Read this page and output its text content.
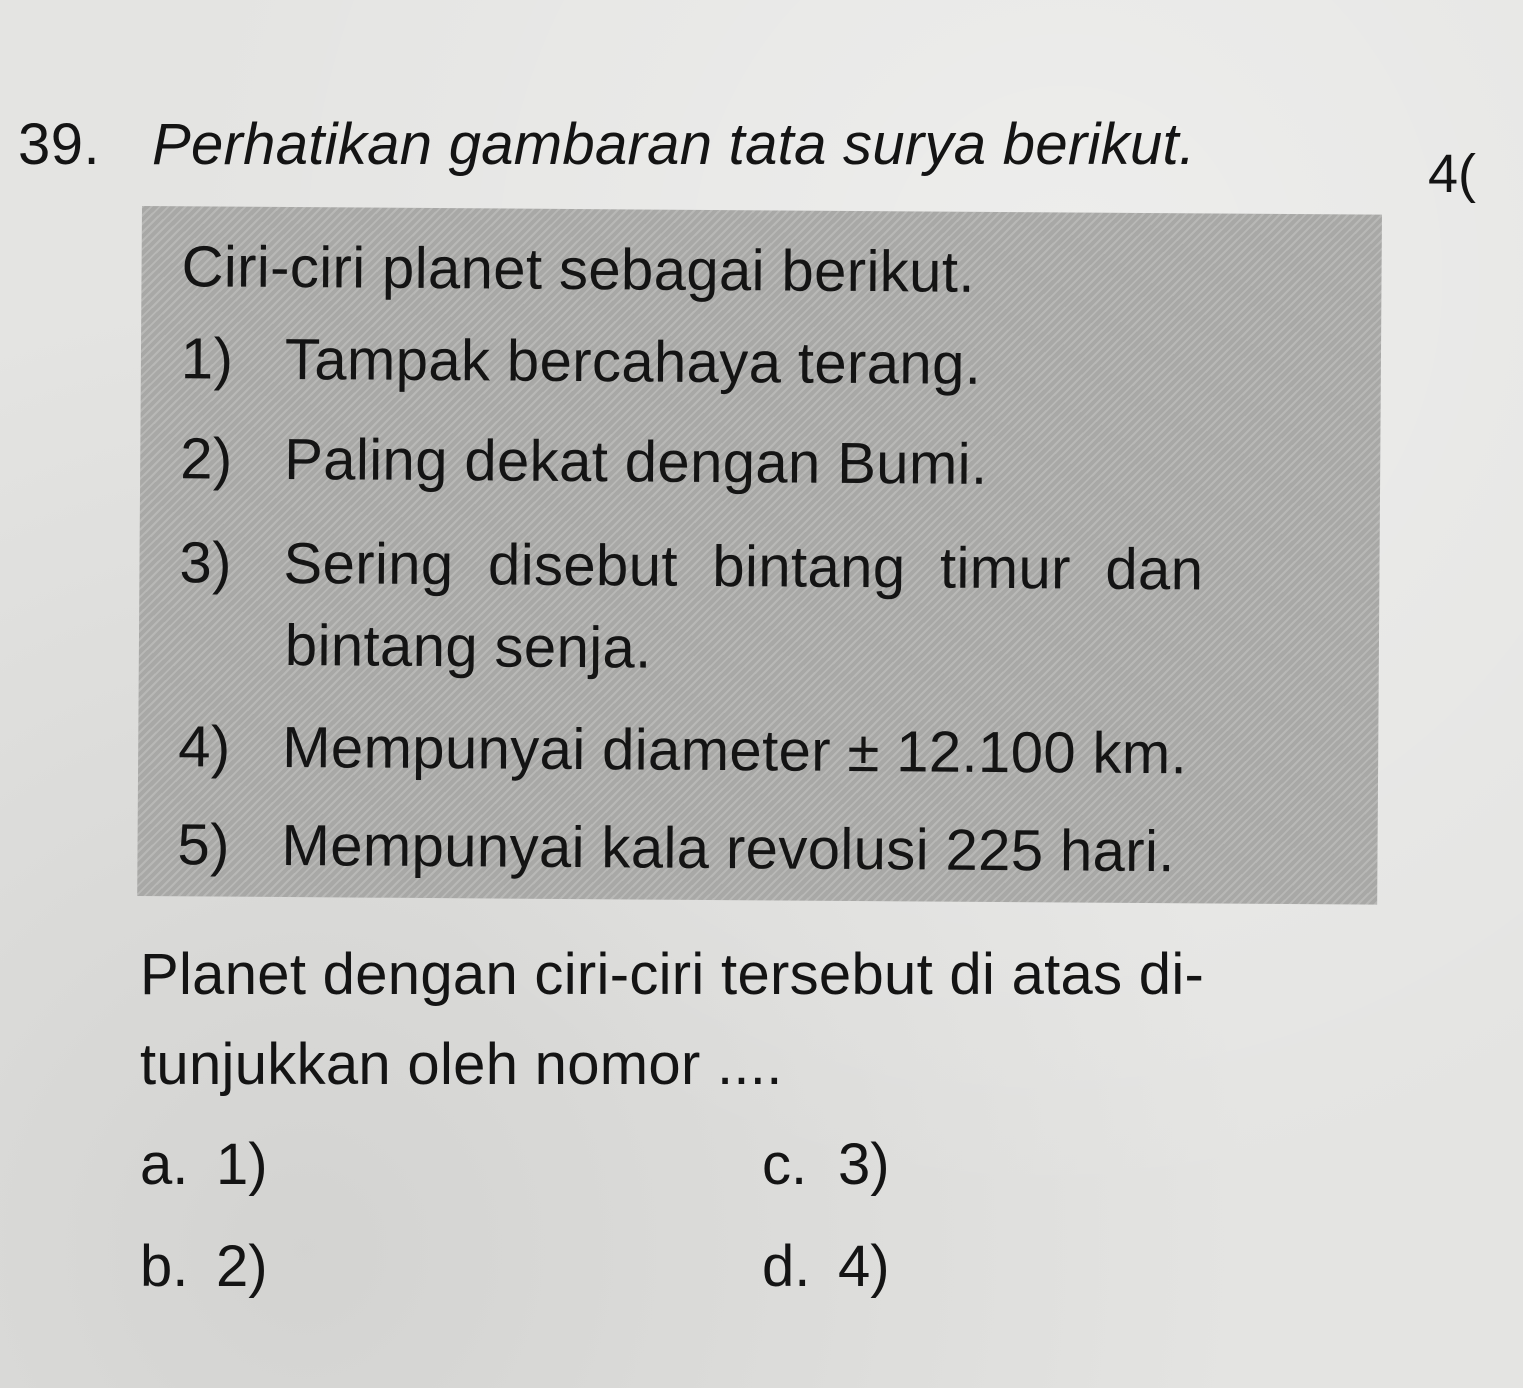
39. Perhatikan gambaran tata surya berikut.	4(
Ciri-ciri planet sebagai berikut.
1) Tampak bercahaya terang.
2) Paling dekat dengan Bumi.
3) Sering disebut bintang timur dan
bintang senja.
4) Mempunyai diameter ± 12.100 km.
5) Mempunyai kala revolusi 225 hari.
Planet dengan ciri-ciri tersebut di atas di-
tunjukkan oleh nomor ....
a. 1)
b. 2)
c. 3)
d. 4)
